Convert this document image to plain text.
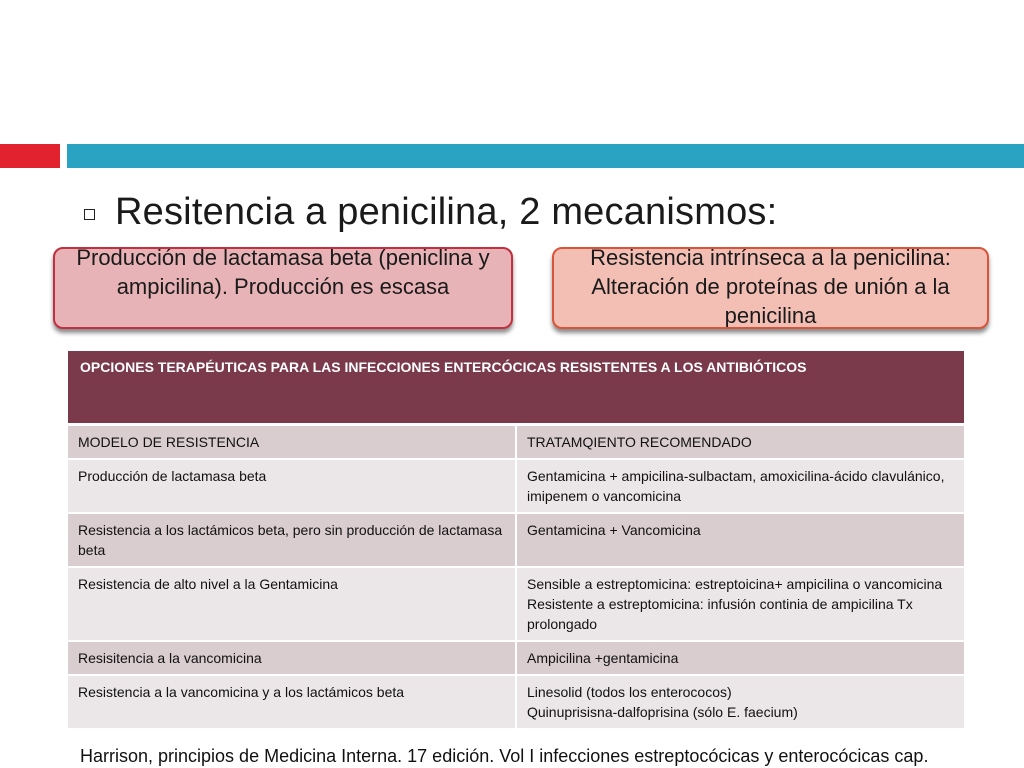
Resitencia a penicilina, 2 mecanismos:
Producción de lactamasa beta (peniclina y ampicilina). Producción es escasa
Resistencia intrínseca a la penicilina: Alteración de proteínas de unión a la penicilina
OPCIONES TERAPÉUTICAS PARA LAS INFECCIONES ENTERCÓCICAS RESISTENTES A LOS ANTIBIÓTICOS	
MODELO DE RESISTENCIA	TRATAMQIENTO RECOMENDADO
Producción de lactamasa beta	Gentamicina + ampicilina-sulbactam, amoxicilina-ácido clavulánico, imipenem o vancomicina
Resistencia a los lactámicos beta, pero sin producción de lactamasa beta	Gentamicina + Vancomicina
Resistencia de alto nivel a la Gentamicina	Sensible a estreptomicina: estreptoicina+ ampicilina o vancomicina
Resistente a estreptomicina: infusión continia de ampicilina Tx prolongado
Resisitencia a la vancomicina	Ampicilina +gentamicina
Resistencia a la vancomicina y a los lactámicos beta	Linesolid (todos los enterococos)
Quinuprisisna-dalfoprisina (sólo E. faecium)
Harrison, principios de Medicina Interna. 17 edición. Vol I infecciones estreptocócicas y enterocócicas cap.
